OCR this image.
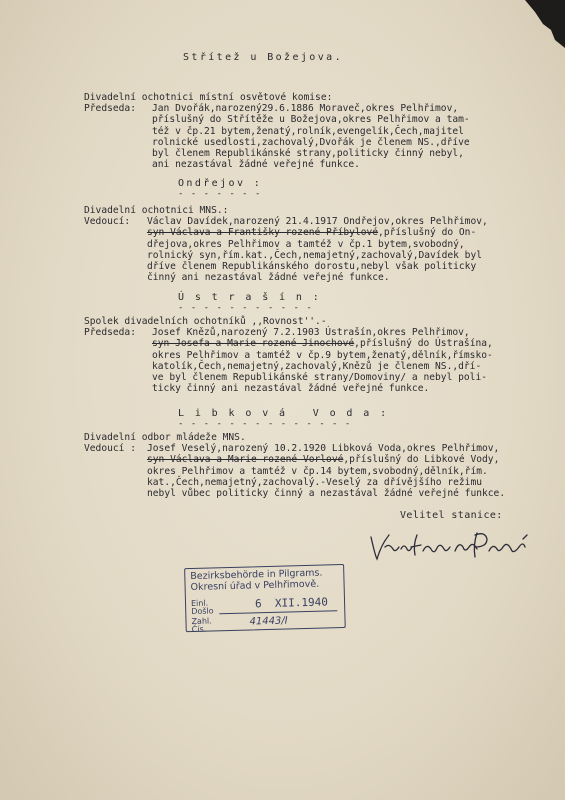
Střítež u Božejova.
Divadelní ochotnici místní osvětové komise:
Předseda:	Jan Dvořák,narozený29.6.1886 Moraveč,okres Pelhřimov,
příslušný do Střítěže u Božejova,okres Pelhřimov a tam-
též v čp.21 bytem,ženatý,rolník,evengelík,Čech,majitel
rolnické usedlosti,zachovalý,Dvořák je členem NS.,dříve
byl členem Republikánské strany,politicky činný nebyl,
ani nezastával žádné veřejné funkce.
Ondřejov :
- - - - - - -
Divadelní ochotnici MNS.:
Vedoucí:	Václav Davídek,narozený 21.4.1917 Ondřejov,okres Pelhřimov,
syn Václava a Františky rozené Příbylové,příslušný do On-
dřejova,okres Pelhřimov a tamtéž v čp.1 bytem,svobodný,
rolnický syn,řím.kat.,Čech,nemajetný,zachovalý,Davídek byl
dříve členem Republikánského dorostu,nebyl však politicky
činný ani nezastával žádné veřejné funkce.
Ú s t r a š í n :
- - - - - - - - - - -
Spolek divadelních ochotníků ,,Rovnost''.-
Předseda:	Josef Knězů,narozený 7.2.1903 Ústrašín,okres Pelhřimov,
syn Josefa a Marie rozené Jinochové,příslušný do Ústrašína,
okres Pelhřimov a tamtéž v čp.9 bytem,ženatý,dělník,římsko-
katolík,Čech,nemajetný,zachovalý,Knězů je členem NS.,dří-
ve byl členem Republikánské strany/Domoviny/ a nebyl poli-
ticky činný ani nezastával žádné veřejné funkce.
L i b k o v á   V o d a :
- - - - - - - - - - - - - -
Divadelní odbor mládeže MNS.
Vedoucí :	Josef Veselý,narozený 10.2.1920 Libková Voda,okres Pelhřimov,
syn Václava a Marie rozené Vorlové,příslušný do Libkové Vody,
okres Pelhřimov a tamtéž v čp.14 bytem,svobodný,dělník,řím.
kat.,Čech,nemajetný,zachovalý.-Veselý za dřívějšího režimu
nebyl vůbec politicky činný a nezastával žádné veřejné funkce.
Velitel stanice:
Vrch.Stráž.Prokeš
Bezirksbehörde in Pilgrams.
Okresní úřad v Pelhřimově.
Einl.
Došlo
6  XII.1940
Zahl.
Čís.
41443/I
